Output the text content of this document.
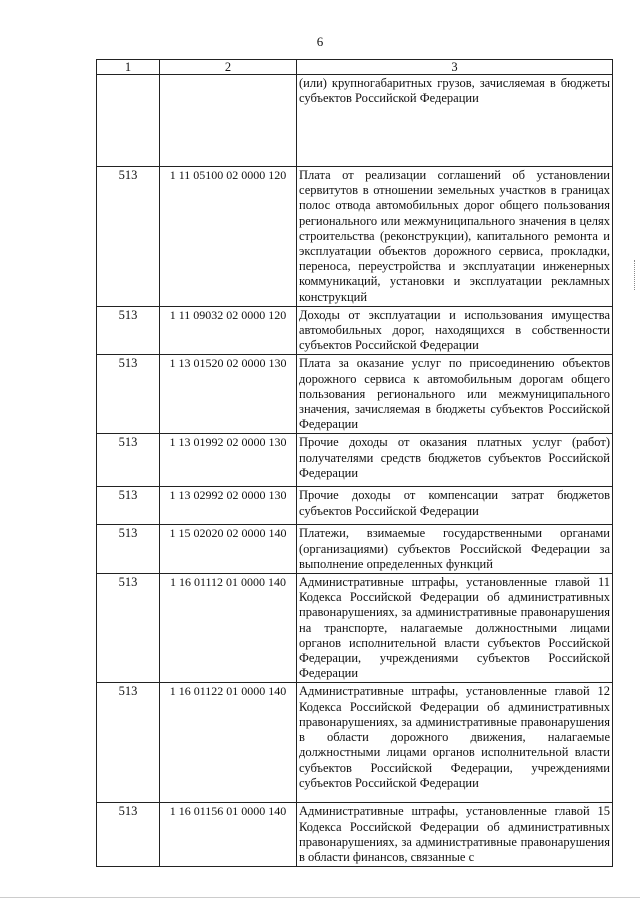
6
1	2	3
		(или) крупногабаритных грузов, зачисляемая в бюджеты субъектов Российской Федерации
513	1 11 05100 02 0000 120	Плата от реализации соглашений об установлении сервитутов в отношении земельных участков в границах полос отвода автомобильных дорог общего пользования регионального или межмуниципального значения в целях строительства (реконструкции), капитального ремонта и эксплуатации объектов дорожного сервиса, прокладки, переноса, переустройства и эксплуатации инженерных коммуникаций, установки и эксплуатации рекламных конструкций
513	1 11 09032 02 0000 120	Доходы от эксплуатации и использования имущества автомобильных дорог, находящихся в собственности субъектов Российской Федерации
513	1 13 01520 02 0000 130	Плата за оказание услуг по присоединению объектов дорожного сервиса к автомобильным дорогам общего пользования регионального или межмуниципального значения, зачисляемая в бюджеты субъектов Российской Федерации
513	1 13 01992 02 0000 130	Прочие доходы от оказания платных услуг (работ) получателями средств бюджетов субъектов Российской Федерации
513	1 13 02992 02 0000 130	Прочие доходы от компенсации затрат бюджетов субъектов Российской Федерации
513	1 15 02020 02 0000 140	Платежи, взимаемые государственными органами (организациями) субъектов Российской Федерации за выполнение определенных функций
513	1 16 01112 01 0000 140	Административные штрафы, установленные главой 11 Кодекса Российской Федерации об административных правонарушениях, за административные правонарушения на транспорте, налагаемые должностными лицами органов исполнительной власти субъектов Российской Федерации, учреждениями субъектов Российской Федерации
513	1 16 01122 01 0000 140	Административные штрафы, установленные главой 12 Кодекса Российской Федерации об административных правонарушениях, за административные правонарушения в области дорожного движения, налагаемые должностными лицами органов исполнительной власти субъектов Российской Федерации, учреждениями субъектов Российской Федерации
513	1 16 01156 01 0000 140	Административные штрафы, установленные главой 15 Кодекса Российской Федерации об административных правонарушениях, за административные правонарушения в области финансов, связанные с
